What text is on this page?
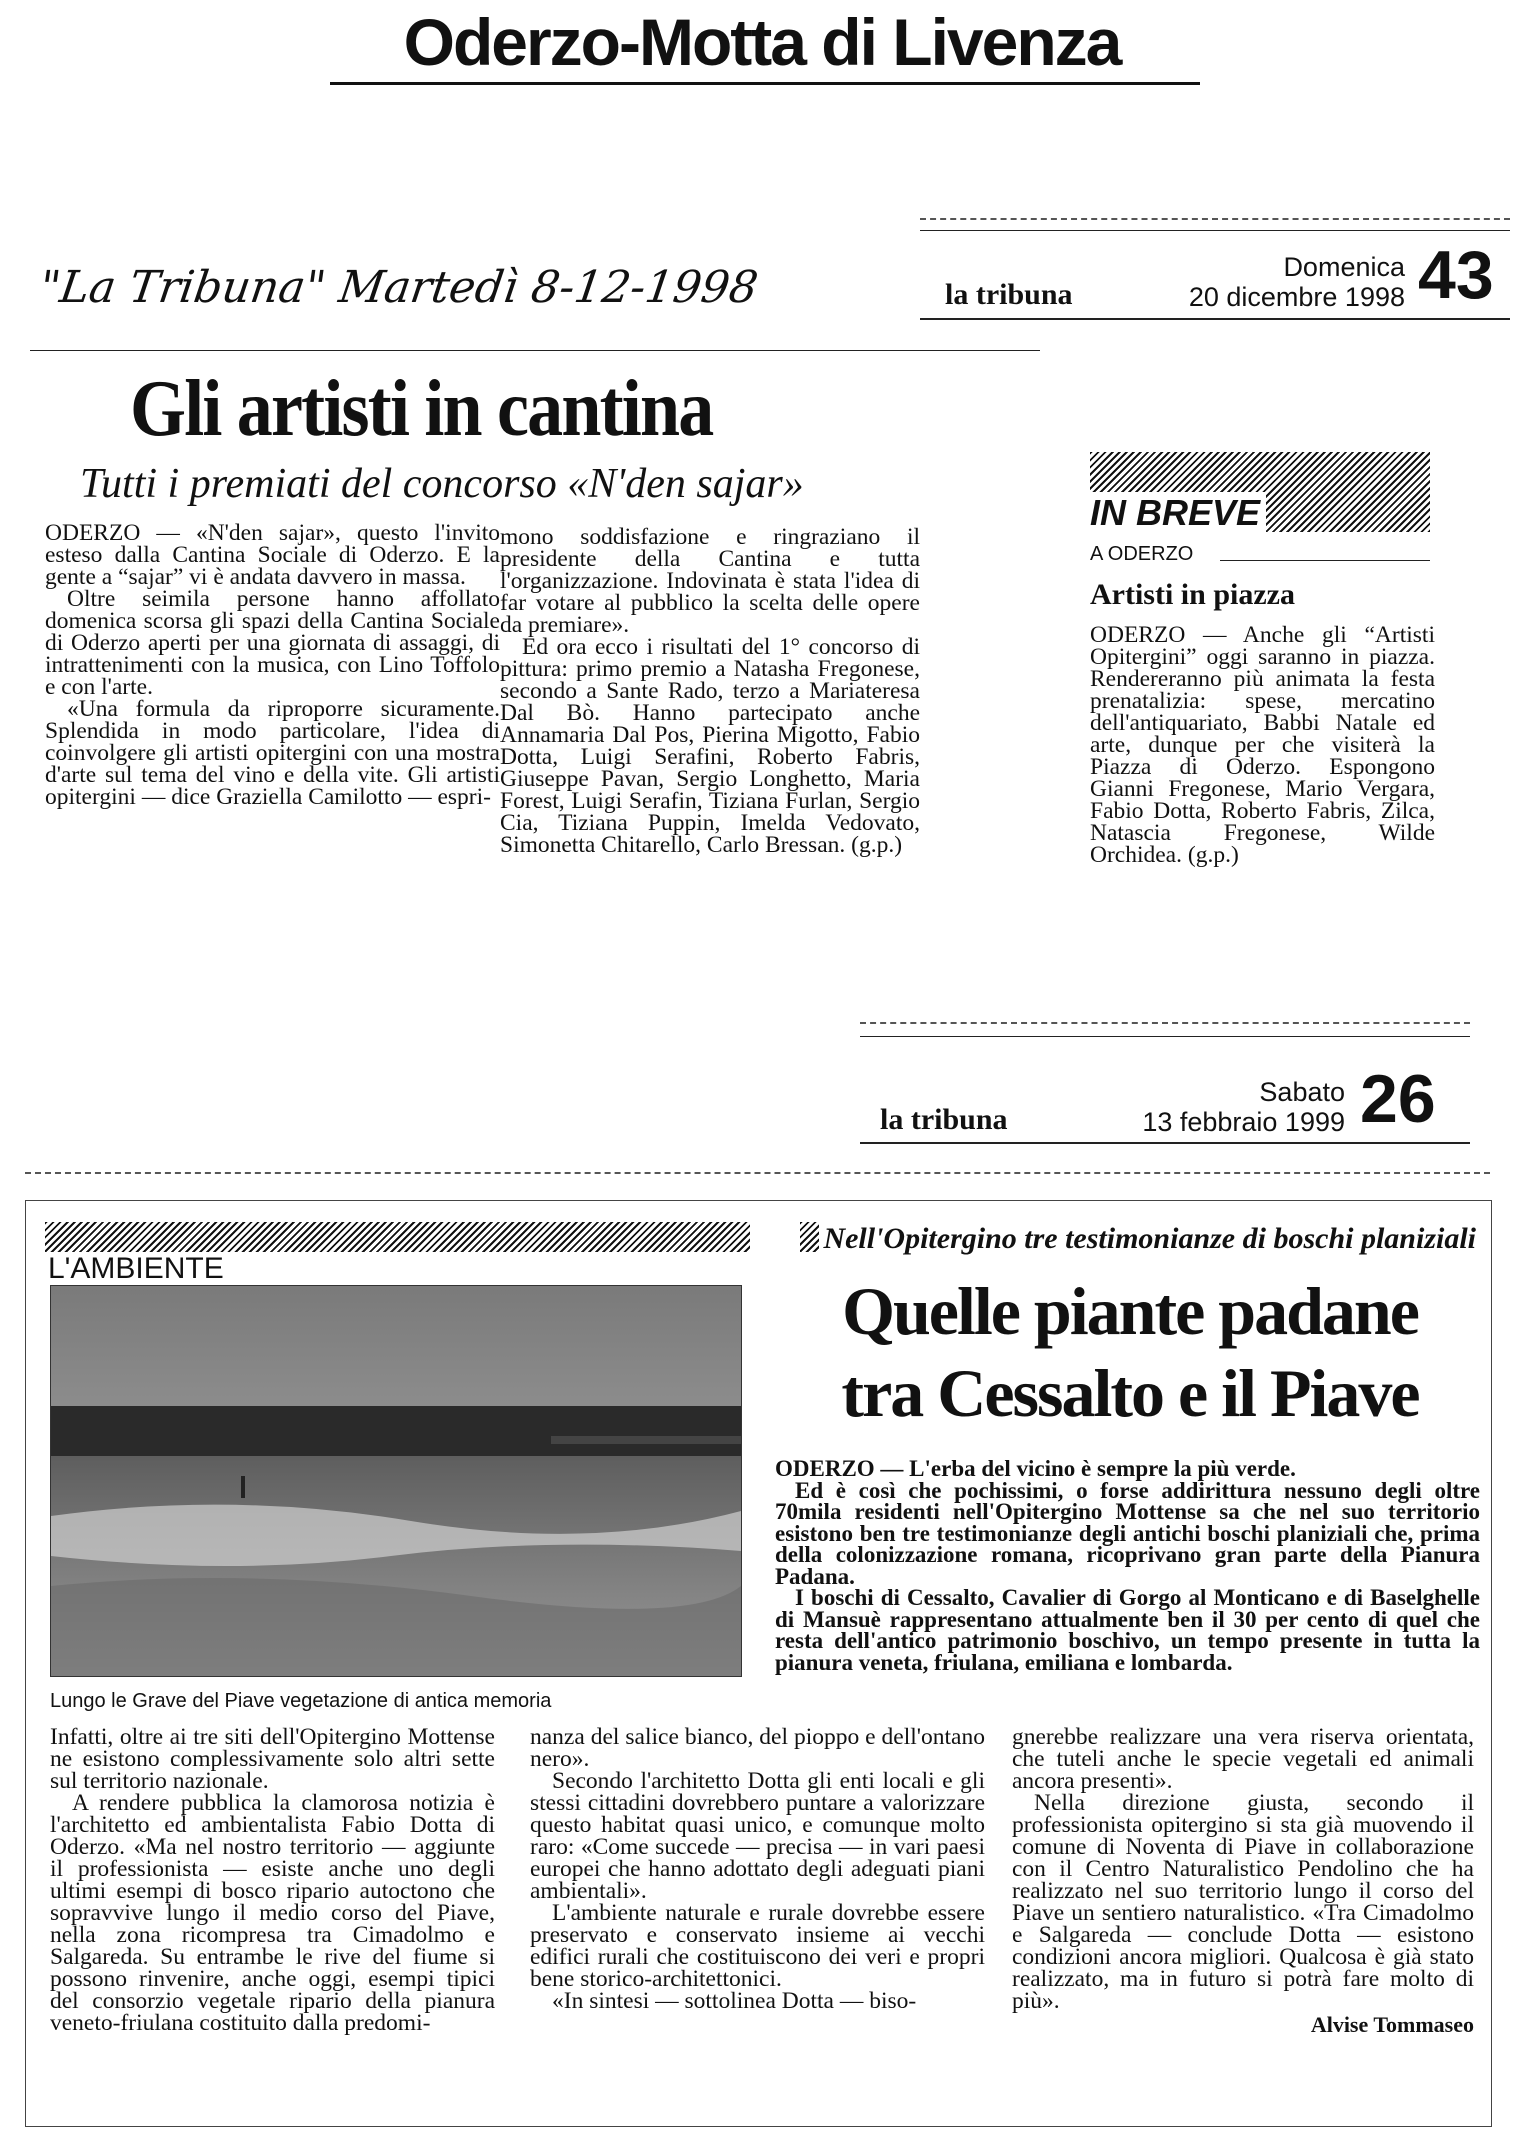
Oderzo-Motta di Livenza
"La Tribuna" Martedì 8-12-1998	la tribuna
Domenica
20 dicembre 1998 43
Gli artisti in cantina
Tutti i premiati del concorso «N'den sajar»

ODERZO — «N'den sajar», questo l'invito esteso dalla Cantina Sociale di Oderzo. E la gente a “sajar” vi è andata davvero in massa.

Oltre seimila persone hanno affollato domenica scorsa gli spazi della Cantina Sociale di Oderzo aperti per una giornata di assaggi, di intrattenimenti con la musica, con Lino Toffolo e con l'arte.

«Una formula da riproporre sicuramente. Splendida in modo particolare, l'idea di coinvolgere gli artisti opitergini con una mostra d'arte sul tema del vino e della vite. Gli artisti opitergini — dice Graziella Camilotto — espri-

mono soddisfazione e ringraziano il presidente della Cantina e tutta l'organizzazione. Indovinata è stata l'idea di far votare al pubblico la scelta delle opere da premiare».

Ed ora ecco i risultati del 1° concorso di pittura: primo premio a Natasha Fregonese, secondo a Sante Rado, terzo a Mariateresa Dal Bò. Hanno partecipato anche Annamaria Dal Pos, Pierina Migotto, Fabio Dotta, Luigi Serafini, Roberto Fabris, Giuseppe Pavan, Sergio Longhetto, Maria Forest, Luigi Serafin, Tiziana Furlan, Sergio Cia, Tiziana Puppin, Imelda Vedovato, Simonetta Chitarello, Carlo Bressan. (g.p.)

IN BREVE
A ODERZO
Artisti in piazza

ODERZO — Anche gli “Artisti Opitergini” oggi saranno in piazza. Rendereranno più animata la festa prenatalizia: spese, mercatino dell'antiquariato, Babbi Natale ed arte, dunque per che visiterà la Piazza di Oderzo. Espongono Gianni Fregonese, Mario Vergara, Fabio Dotta, Roberto Fabris, Zilca, Natascia Fregonese, Wilde Orchidea. (g.p.)

la tribuna
Sabato
13 febbraio 1999 26
L'AMBIENTE
Nell'Opitergino tre testimonianze di boschi planiziali
Quelle piante padane
tra Cessalto e il Piave
Lungo le Grave del Piave vegetazione di antica memoria

ODERZO — L'erba del vicino è sempre la più verde.

Ed è così che pochissimi, o forse addirittura nessuno degli oltre 70mila residenti nell'Opitergino Mottense sa che nel suo territorio esistono ben tre testimonianze degli antichi boschi planiziali che, prima della colonizzazione romana, ricoprivano gran parte della Pianura Padana.

I boschi di Cessalto, Cavalier di Gorgo al Monticano e di Baselghelle di Mansuè rappresentano attualmente ben il 30 per cento di quel che resta dell'antico patrimonio boschivo, un tempo presente in tutta la pianura veneta, friulana, emiliana e lombarda.

Infatti, oltre ai tre siti dell'Opitergino Mottense ne esistono complessivamente solo altri sette sul territorio nazionale.

A rendere pubblica la clamorosa notizia è l'architetto ed ambientalista Fabio Dotta di Oderzo. «Ma nel nostro territorio — aggiunte il professionista — esiste anche uno degli ultimi esempi di bosco ripario autoctono che sopravvive lungo il medio corso del Piave, nella zona ricompresa tra Cimadolmo e Salgareda. Su entrambe le rive del fiume si possono rinvenire, anche oggi, esempi tipici del consorzio vegetale ripario della pianura veneto-friulana costituito dalla predomi-

nanza del salice bianco, del pioppo e dell'ontano nero».

Secondo l'architetto Dotta gli enti locali e gli stessi cittadini dovrebbero puntare a valorizzare questo habitat quasi unico, e comunque molto raro: «Come succede — precisa — in vari paesi europei che hanno adottato degli adeguati piani ambientali».

L'ambiente naturale e rurale dovrebbe essere preservato e conservato insieme ai vecchi edifici rurali che costituiscono dei veri e propri bene storico-architettonici.

«In sintesi — sottolinea Dotta — biso-

gnerebbe realizzare una vera riserva orientata, che tuteli anche le specie vegetali ed animali ancora presenti».

Nella direzione giusta, secondo il professionista opitergino si sta già muovendo il comune di Noventa di Piave in collaborazione con il Centro Naturalistico Pendolino che ha realizzato nel suo territorio lungo il corso del Piave un sentiero naturalistico. «Tra Cimadolmo e Salgareda — conclude Dotta — esistono condizioni ancora migliori. Qualcosa è già stato realizzato, ma in futuro si potrà fare molto di più».

Alvise Tommaseo
